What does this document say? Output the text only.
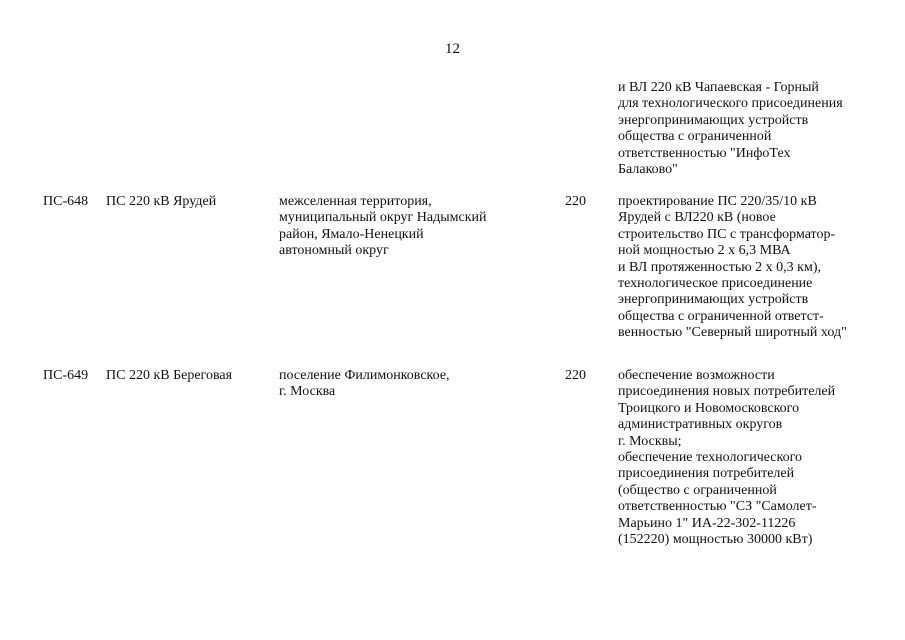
12
и ВЛ 220 кВ Чапаевская - Горный
для технологического присоединения
энергопринимающих устройств
общества с ограниченной
ответственностью "ИнфоТех
Балаково"
ПС-648 ПС 220 кВ Ярудей	межселенная территория,
муниципальный округ Надымский
район, Ямало-Ненецкий
автономный округ
220 проектирование ПС 220/35/10 кВ
Ярудей с ВЛ220 кВ (новое
строительство ПС с трансформатор-
ной мощностью 2 х 6,3 МВА
и ВЛ протяженностью 2 х 0,3 км),
технологическое присоединение
энергопринимающих устройств
общества с ограниченной ответст-
венностью "Северный широтный ход"
ПС-649 ПС 220 кВ Береговая	поселение Филимонковское,
г. Москва
220 обеспечение возможности
присоединения новых потребителей
Троицкого и Новомосковского
административных округов
г. Москвы;
обеспечение технологического
присоединения потребителей
(общество с ограниченной
ответственностью "СЗ "Самолет-
Марьино 1" ИА-22-302-11226
(152220) мощностью 30000 кВт)
